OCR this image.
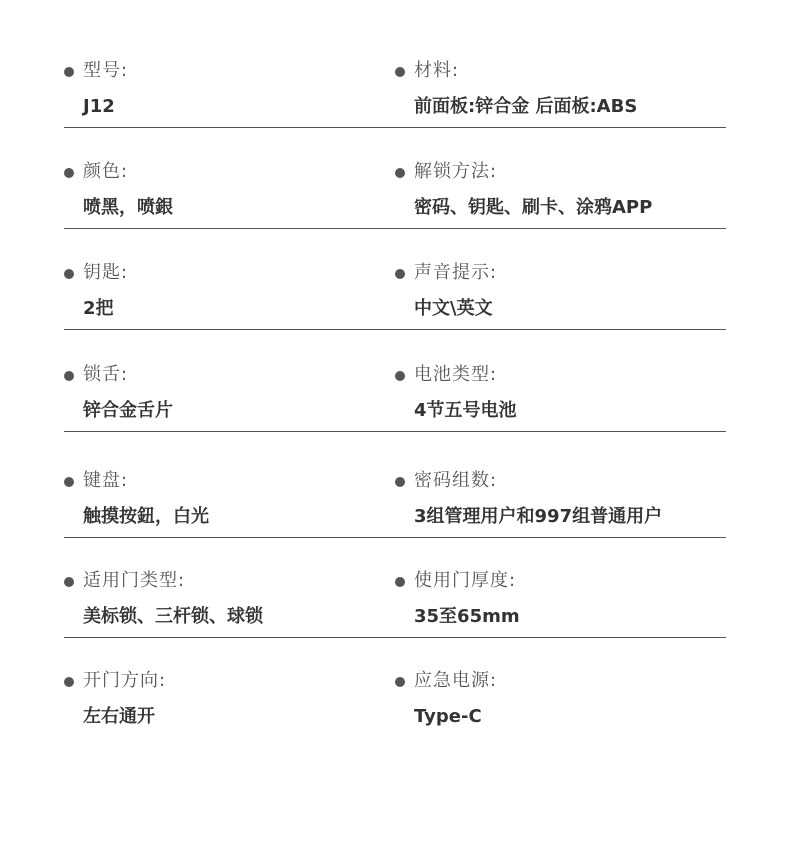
型号:
J12
材料:
前面板:锌合金 后面板:ABS
颜色:
喷黑，喷銀
解锁方法:
密码、钥匙、刷卡、涂鸦APP
钥匙:
2把
声音提示:
中文\英文
锁舌:
锌合金舌片
电池类型:
4节五号电池
键盘:
触摸按鈕，白光
密码组数:
3组管理用户和997组普通用户
适用门类型:
美标锁、三杆锁、球锁
使用门厚度:
35至65mm
开门方向:
左右通开
应急电源:
Type-C
